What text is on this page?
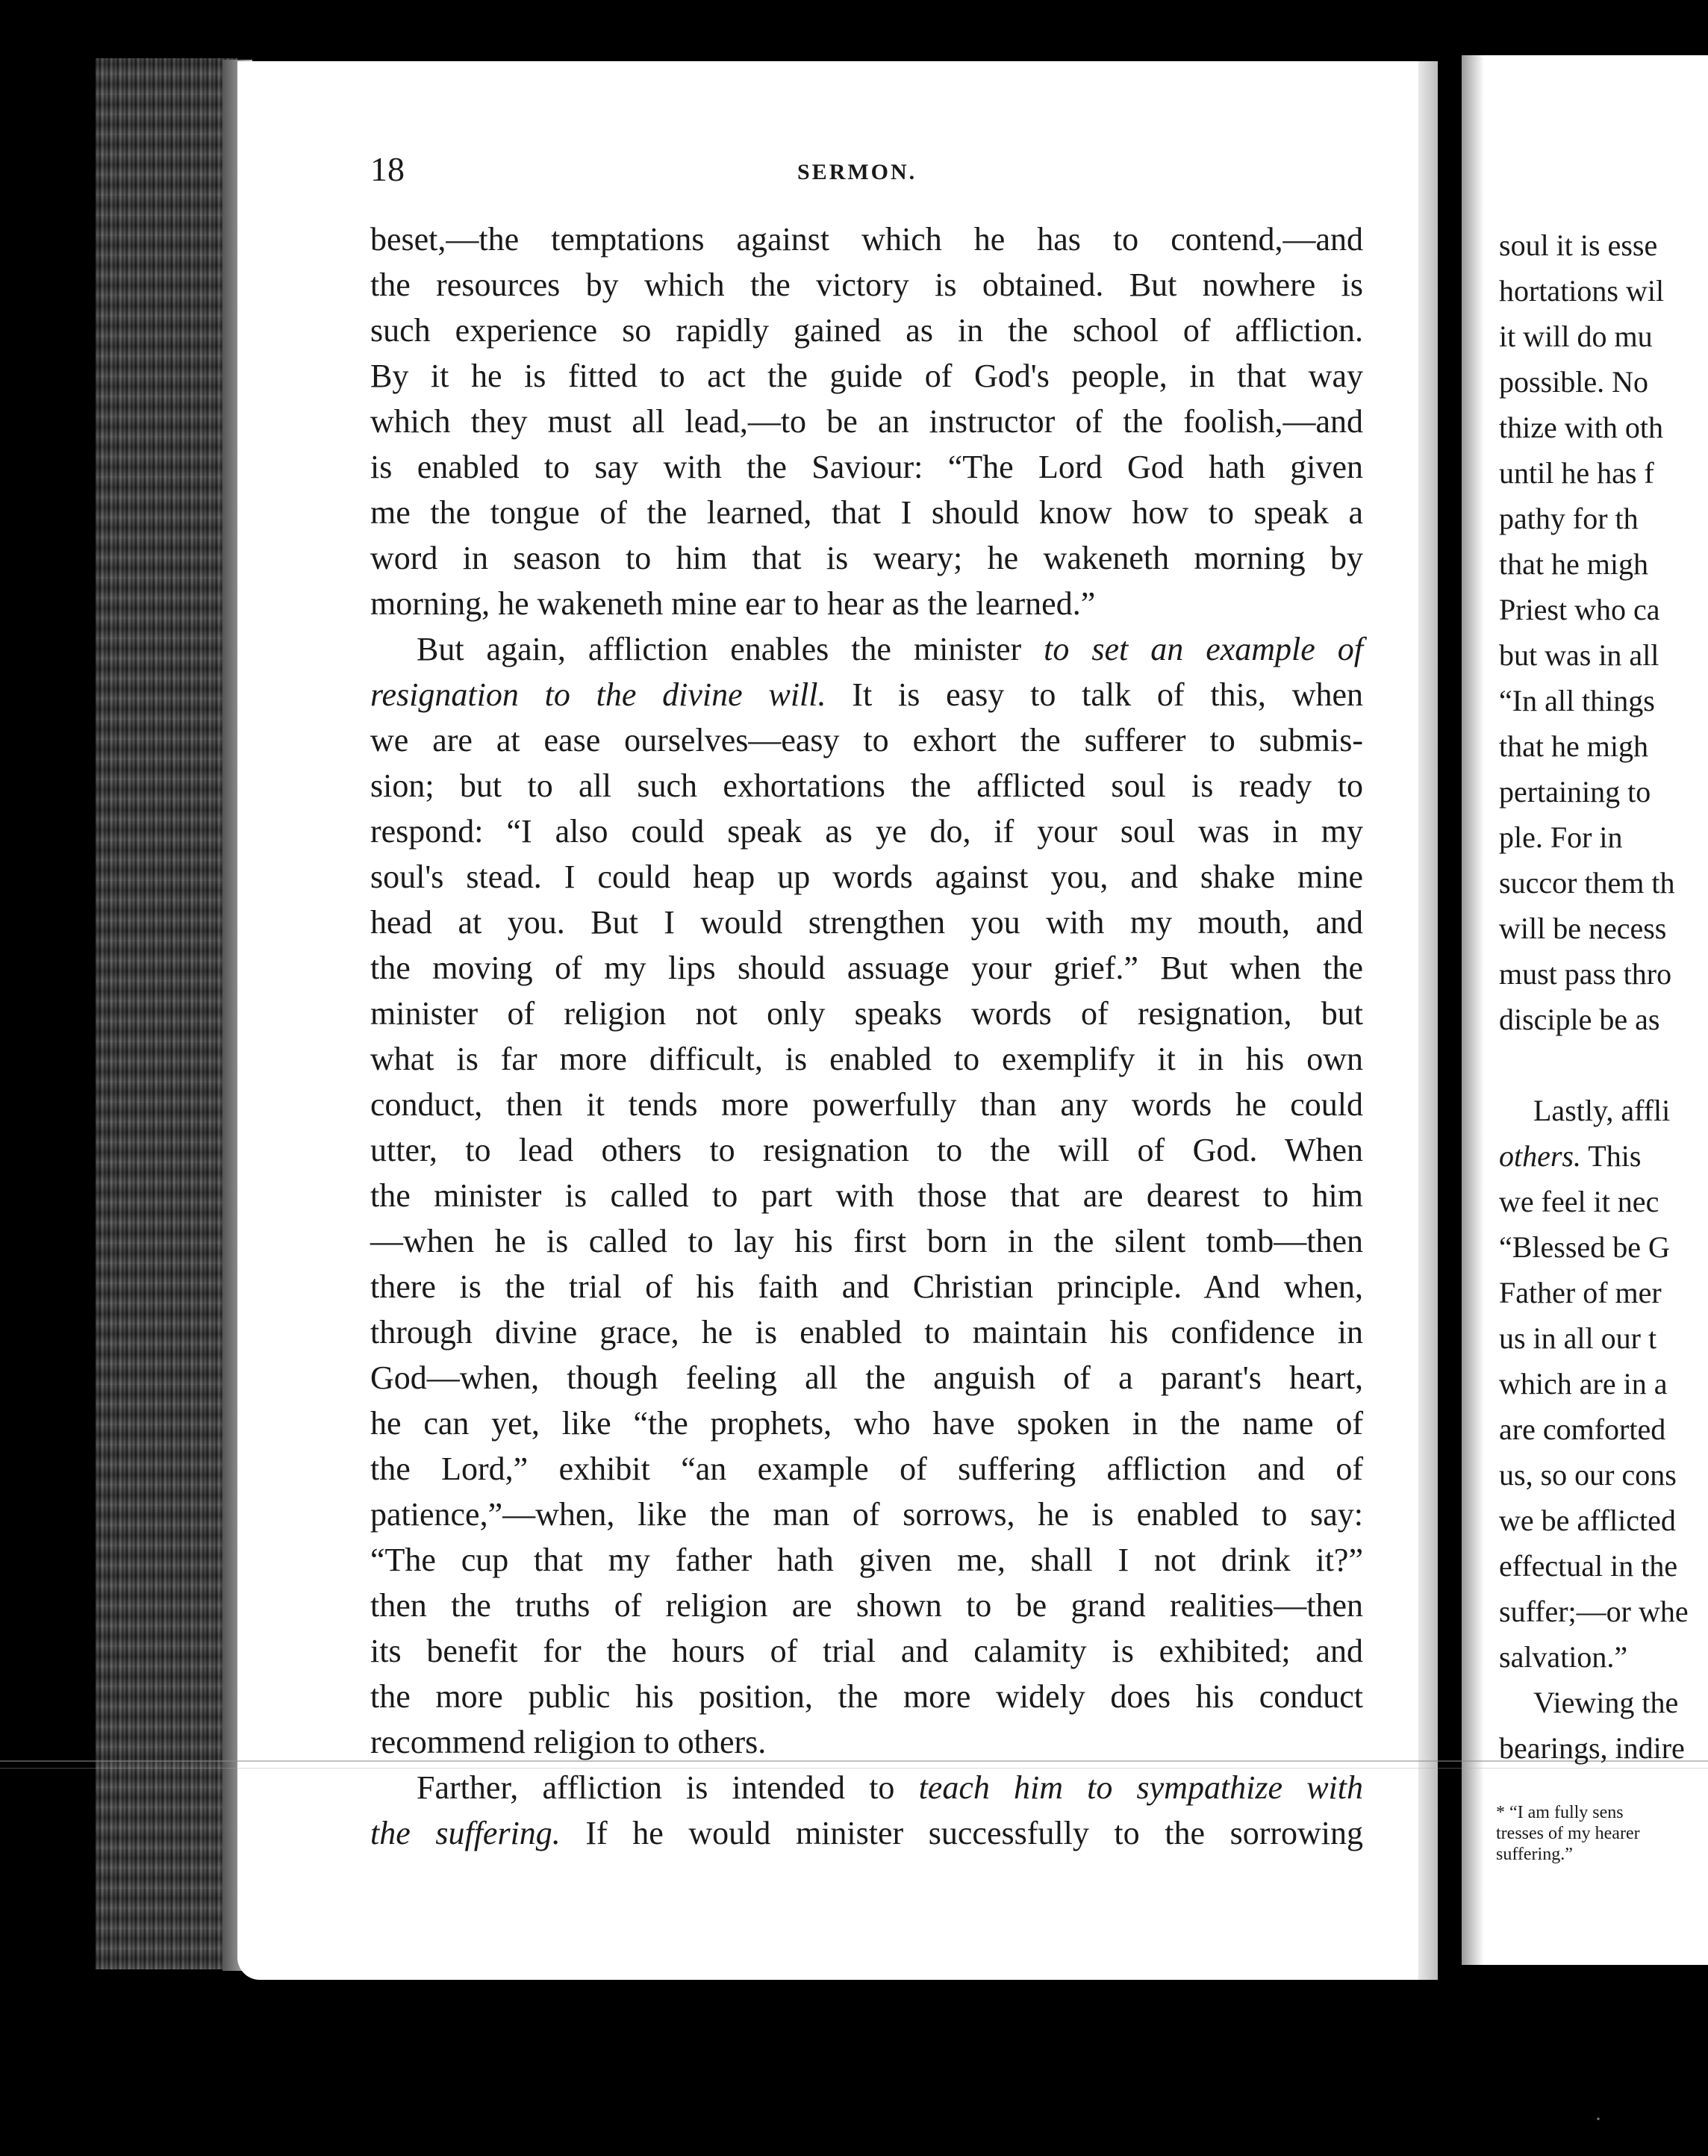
18	SERMON.
beset,—the temptations against which he has to contend,—and
the resources by which the victory is obtained. But nowhere is
such experience so rapidly gained as in the school of affliction.
By it he is fitted to act the guide of God's people, in that way
which they must all lead,—to be an instructor of the foolish,—and
is enabled to say with the Saviour: “The Lord God hath given
me the tongue of the learned, that I should know how to speak a
word in season to him that is weary; he wakeneth morning by
morning, he wakeneth mine ear to hear as the learned.”
But again, affliction enables the minister to set an example of
resignation to the divine will. It is easy to talk of this, when
we are at ease ourselves—easy to exhort the sufferer to submis-
sion; but to all such exhortations the afflicted soul is ready to
respond: “I also could speak as ye do, if your soul was in my
soul's stead. I could heap up words against you, and shake mine
head at you. But I would strengthen you with my mouth, and
the moving of my lips should assuage your grief.” But when the
minister of religion not only speaks words of resignation, but
what is far more difficult, is enabled to exemplify it in his own
conduct, then it tends more powerfully than any words he could
utter, to lead others to resignation to the will of God. When
the minister is called to part with those that are dearest to him
—when he is called to lay his first born in the silent tomb—then
there is the trial of his faith and Christian principle. And when,
through divine grace, he is enabled to maintain his confidence in
God—when, though feeling all the anguish of a parant's heart,
he can yet, like “the prophets, who have spoken in the name of
the Lord,” exhibit “an example of suffering affliction and of
patience,”—when, like the man of sorrows, he is enabled to say:
“The cup that my father hath given me, shall I not drink it?”
then the truths of religion are shown to be grand realities—then
its benefit for the hours of trial and calamity is exhibited; and
the more public his position, the more widely does his conduct
recommend religion to others.
Farther, affliction is intended to teach him to sympathize with
the suffering. If he would minister successfully to the sorrowing
soul it is esse
hortations wil
it will do mu
possible. No
thize with oth
until he has f
pathy for th
that he migh
Priest who ca
but was in all
“In all things
that he migh
pertaining to
ple. For in
succor them th
will be necess
must pass thro
disciple be as
Lastly, affli
others. This
we feel it nec
“Blessed be G
Father of mer
us in all our t
which are in a
are comforted
us, so our cons
we be afflicted
effectual in the
suffer;—or whe
salvation.”
Viewing the
bearings, indire
* “I am fully sens
tresses of my hearer
suffering.”
·
